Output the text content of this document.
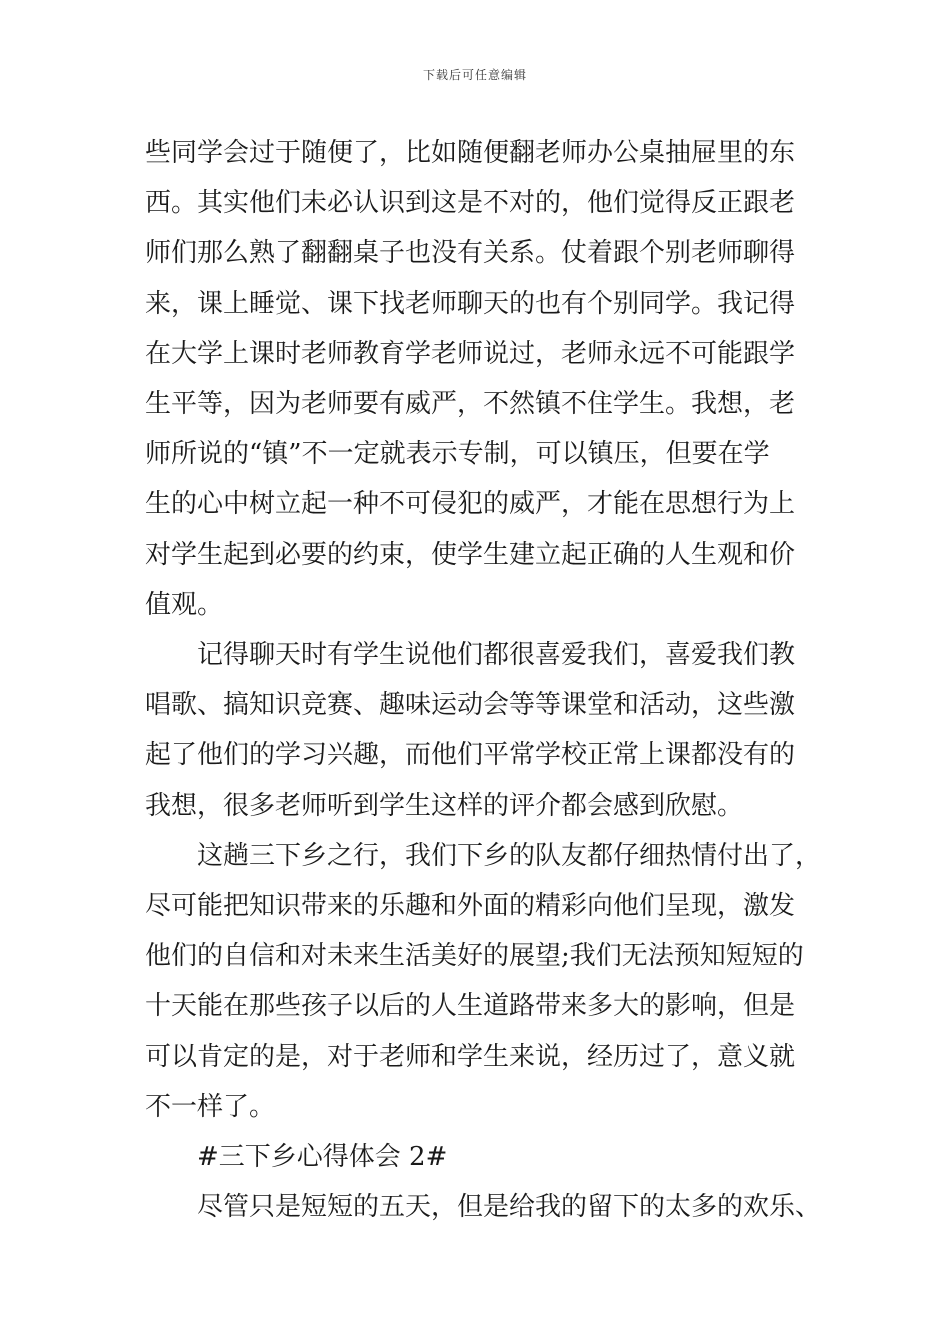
下载后可任意编辑
些同学会过于随便了，比如随便翻老师办公桌抽屉里的东
西。其实他们未必认识到这是不对的，他们觉得反正跟老
师们那么熟了翻翻桌子也没有关系。仗着跟个别老师聊得
来，课上睡觉、课下找老师聊天的也有个别同学。我记得
在大学上课时老师教育学老师说过，老师永远不可能跟学
生平等，因为老师要有威严，不然镇不住学生。我想，老
师所说的“镇”不一定就表示专制，可以镇压，但要在学
生的心中树立起一种不可侵犯的威严，才能在思想行为上
对学生起到必要的约束，使学生建立起正确的人生观和价
值观。
记得聊天时有学生说他们都很喜爱我们，喜爱我们教
唱歌、搞知识竞赛、趣味运动会等等课堂和活动，这些激
起了他们的学习兴趣，而他们平常学校正常上课都没有的
我想，很多老师听到学生这样的评介都会感到欣慰。
这趟三下乡之行，我们下乡的队友都仔细热情付出了，
尽可能把知识带来的乐趣和外面的精彩向他们呈现，激发
他们的自信和对未来生活美好的展望;我们无法预知短短的
十天能在那些孩子以后的人生道路带来多大的影响，但是
可以肯定的是，对于老师和学生来说，经历过了，意义就
不一样了。
#三下乡心得体会 2#
尽管只是短短的五天，但是给我的留下的太多的欢乐、
